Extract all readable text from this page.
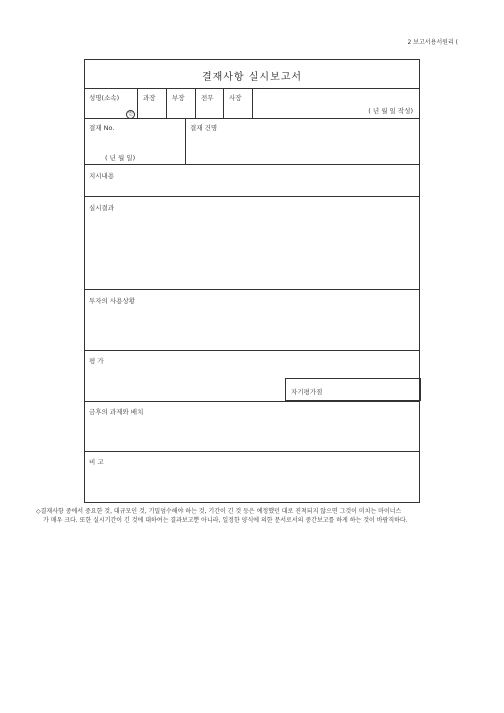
2 보고서용서원리 (
결재사항 실시보고서
성명(소속)
인
과장	부장	전무 사장
( 년 월 일 작성)
결재 No.
( 년 월 일)
결재 건명
지시내용
실시결과
투자의 사용상황
평 가
자기평가점
금후의 과제와 배치
비 고
◇결재사항 중에서 중요한 것, 대규모인 것, 기밀엄수해야 하는 것, 기간이 긴 것 등은 예정했던 대로 진척되지 않으면 그것이 미치는 마이너스
가 매우 크다. 또한 실시기간이 긴 것에 대하여는 결과보고뿐 아니라, 일정한 양식에 의한 문서로서의 중간보고를 하게 하는 것이 바람직하다.
